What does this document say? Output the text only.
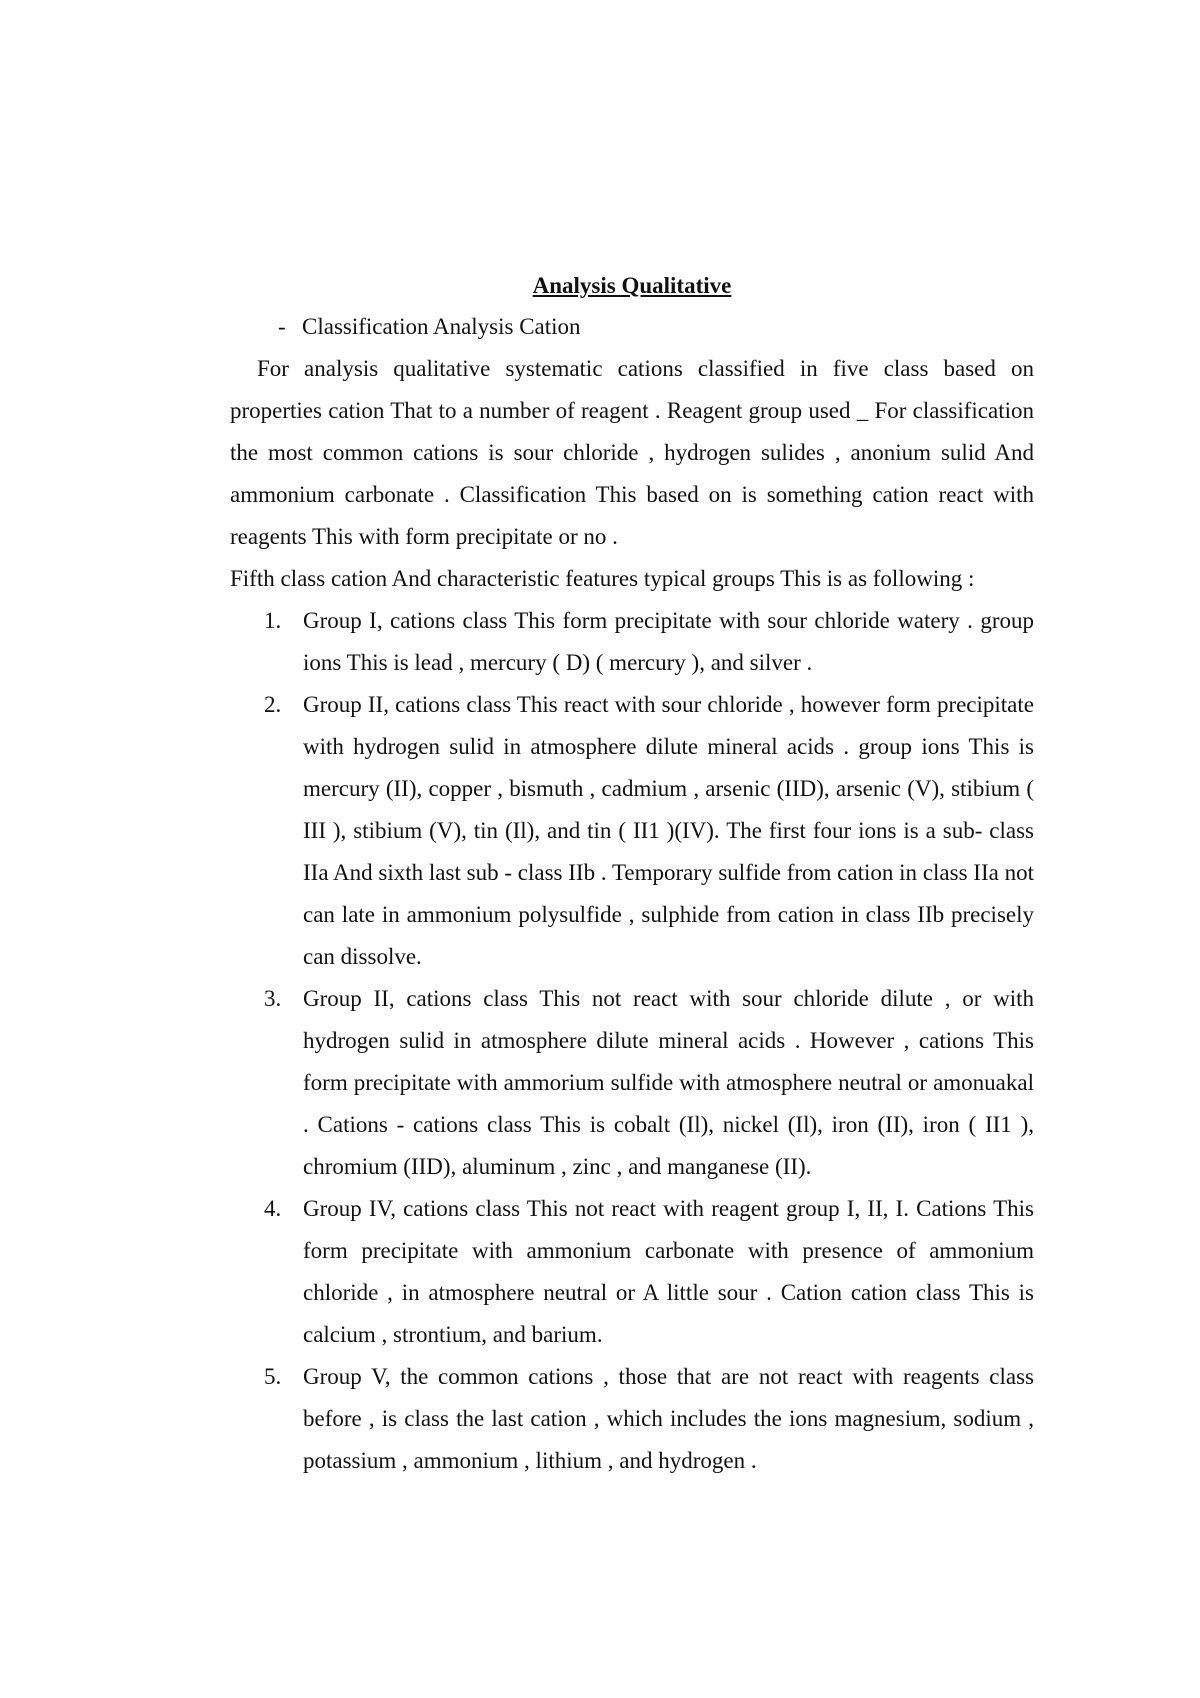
Analysis Qualitative
- Classification Analysis Cation

For analysis qualitative systematic cations classified in five class based on properties cation That to a number of reagent . Reagent group used _ For classification the most common cations is sour chloride , hydrogen sulides , anonium sulid And ammonium carbonate . Classification This based on is something cation react with reagents This with form precipitate or no .

Fifth class cation And characteristic features typical groups This is as following :

1. Group I, cations class This form precipitate with sour chloride watery . group ions This is lead , mercury ( D) ( mercury ), and silver .
2. Group II, cations class This react with sour chloride , however form precipitate with hydrogen sulid in atmosphere dilute mineral acids . group ions This is mercury (II), copper , bismuth , cadmium , arsenic (IID), arsenic (V), stibium ( III ), stibium (V), tin (Il), and tin ( II1 )(IV). The first four ions is a sub- class IIa And sixth last sub - class IIb . Temporary sulfide from cation in class IIa not can late in ammonium polysulfide , sulphide from cation in class IIb precisely can dissolve.
3. Group II, cations class This not react with sour chloride dilute , or with hydrogen sulid in atmosphere dilute mineral acids . However , cations This form precipitate with ammorium sulfide with atmosphere neutral or amonuakal . Cations - cations class This is cobalt (Il), nickel (Il), iron (II), iron ( II1 ), chromium (IID), aluminum , zinc , and manganese (II).
4. Group IV, cations class This not react with reagent group I, II, I. Cations This form precipitate with ammonium carbonate with presence of ammonium chloride , in atmosphere neutral or A little sour . Cation cation class This is calcium , strontium, and barium.
5. Group V, the common cations , those that are not react with reagents class before , is class the last cation , which includes the ions magnesium, sodium , potassium , ammonium , lithium , and hydrogen .
